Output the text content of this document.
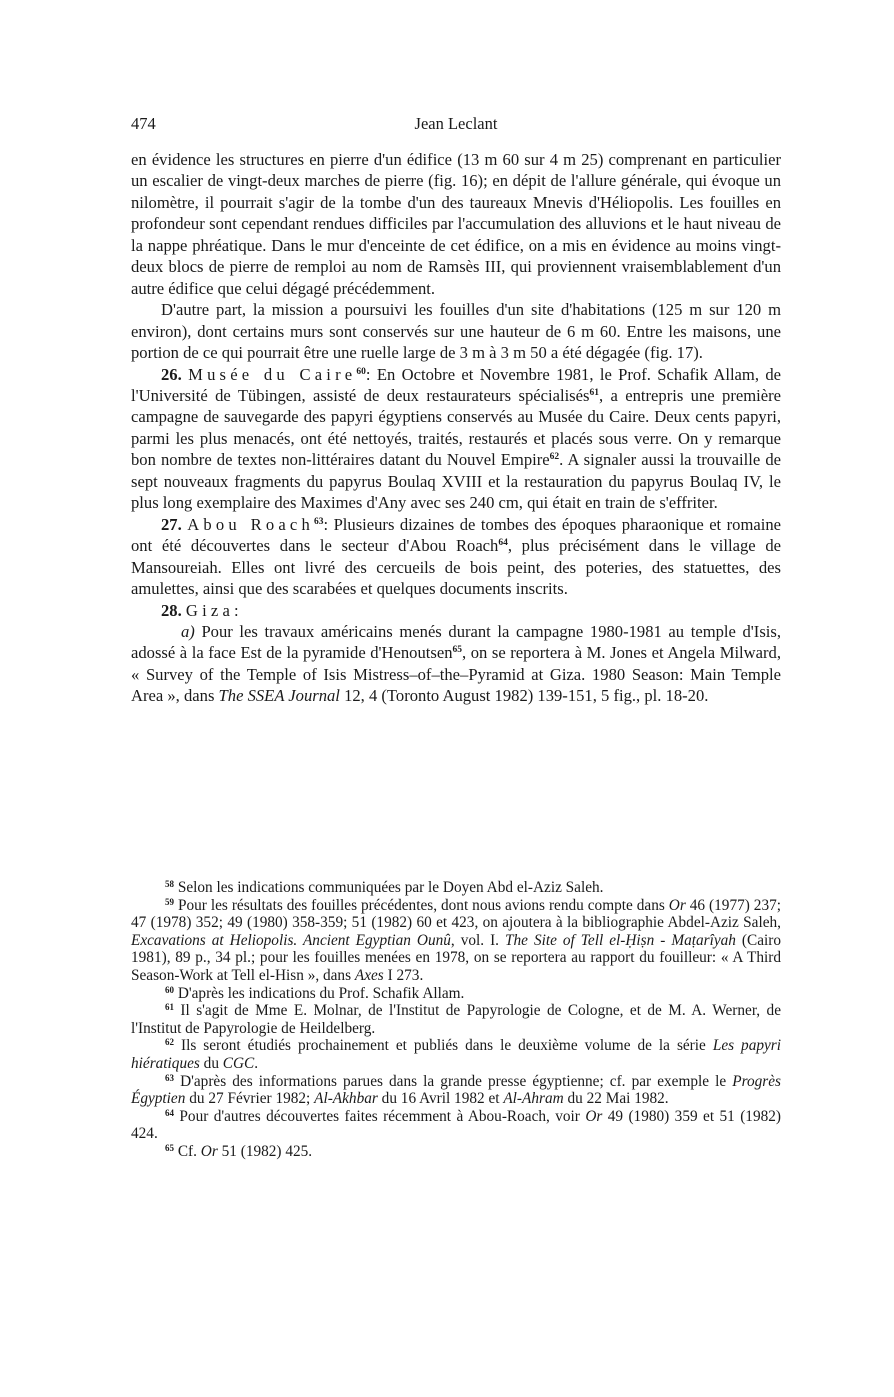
474	Jean Leclant

en évidence les structures en pierre d'un édifice (13 m 60 sur 4 m 25) comprenant en particulier un escalier de vingt-deux marches de pierre (fig. 16); en dépit de l'allure générale, qui évoque un nilomètre, il pourrait s'agir de la tombe d'un des taureaux Mnevis d'Héliopolis. Les fouilles en profondeur sont cependant rendues difficiles par l'accumulation des alluvions et le haut niveau de la nappe phréatique. Dans le mur d'enceinte de cet édifice, on a mis en évidence au moins vingt-deux blocs de pierre de remploi au nom de Ramsès III, qui proviennent vraisemblablement d'un autre édifice que celui dégagé précédemment.

D'autre part, la mission a poursuivi les fouilles d'un site d'habitations (125 m sur 120 m environ), dont certains murs sont conservés sur une hauteur de 6 m 60. Entre les maisons, une portion de ce qui pourrait être une ruelle large de 3 m à 3 m 50 a été dégagée (fig. 17).

26. Musée du Caire$^{60}$: En Octobre et Novembre 1981, le Prof. Schafik Allam, de l'Université de Tübingen, assisté de deux restaurateurs spécialisés$^{61}$, a entrepris une première campagne de sauvegarde des papyri égyptiens conservés au Musée du Caire. Deux cents papyri, parmi les plus menacés, ont été nettoyés, traités, restaurés et placés sous verre. On y remarque bon nombre de textes non-littéraires datant du Nouvel Empire$^{62}$. A signaler aussi la trouvaille de sept nouveaux fragments du papyrus Boulaq XVIII et la restauration du papyrus Boulaq IV, le plus long exemplaire des Maximes d'Any avec ses 240 cm, qui était en train de s'effriter.

27. Abou Roach$^{63}$: Plusieurs dizaines de tombes des époques pharaonique et romaine ont été découvertes dans le secteur d'Abou Roach$^{64}$, plus précisément dans le village de Mansoureiah. Elles ont livré des cercueils de bois peint, des poteries, des statuettes, des amulettes, ainsi que des scarabées et quelques documents inscrits.

28. Giza:

a) Pour les travaux américains menés durant la campagne 1980-1981 au temple d'Isis, adossé à la face Est de la pyramide d'Henoutsen$^{65}$, on se reportera à M. Jones et Angela Milward, « Survey of the Temple of Isis Mistress–of–the–Pyramid at Giza. 1980 Season: Main Temple Area », dans The SSEA Journal 12, 4 (Toronto August 1982) 139-151, 5 fig., pl. 18-20.

$^{58}$ Selon les indications communiquées par le Doyen Abd el-Aziz Saleh.

$^{59}$ Pour les résultats des fouilles précédentes, dont nous avions rendu compte dans Or 46 (1977) 237; 47 (1978) 352; 49 (1980) 358-359; 51 (1982) 60 et 423, on ajoutera à la bibliographie Abdel-Aziz Saleh, Excavations at Heliopolis. Ancient Egyptian Ounû, vol. I. The Site of Tell el-Ḥiṣn - Maṭarîyah (Cairo 1981), 89 p., 34 pl.; pour les fouilles menées en 1978, on se reportera au rapport du fouilleur: « A Third Season-Work at Tell el-Hisn », dans Axes I 273.

$^{60}$ D'après les indications du Prof. Schafik Allam.

$^{61}$ Il s'agit de Mme E. Molnar, de l'Institut de Papyrologie de Cologne, et de M. A. Werner, de l'Institut de Papyrologie de Heildelberg.

$^{62}$ Ils seront étudiés prochainement et publiés dans le deuxième volume de la série Les papyri hiératiques du CGC.

$^{63}$ D'après des informations parues dans la grande presse égyptienne; cf. par exemple le Progrès Égyptien du 27 Février 1982; Al-Akhbar du 16 Avril 1982 et Al-Ahram du 22 Mai 1982.

$^{64}$ Pour d'autres découvertes faites récemment à Abou-Roach, voir Or 49 (1980) 359 et 51 (1982) 424.

$^{65}$ Cf. Or 51 (1982) 425.
